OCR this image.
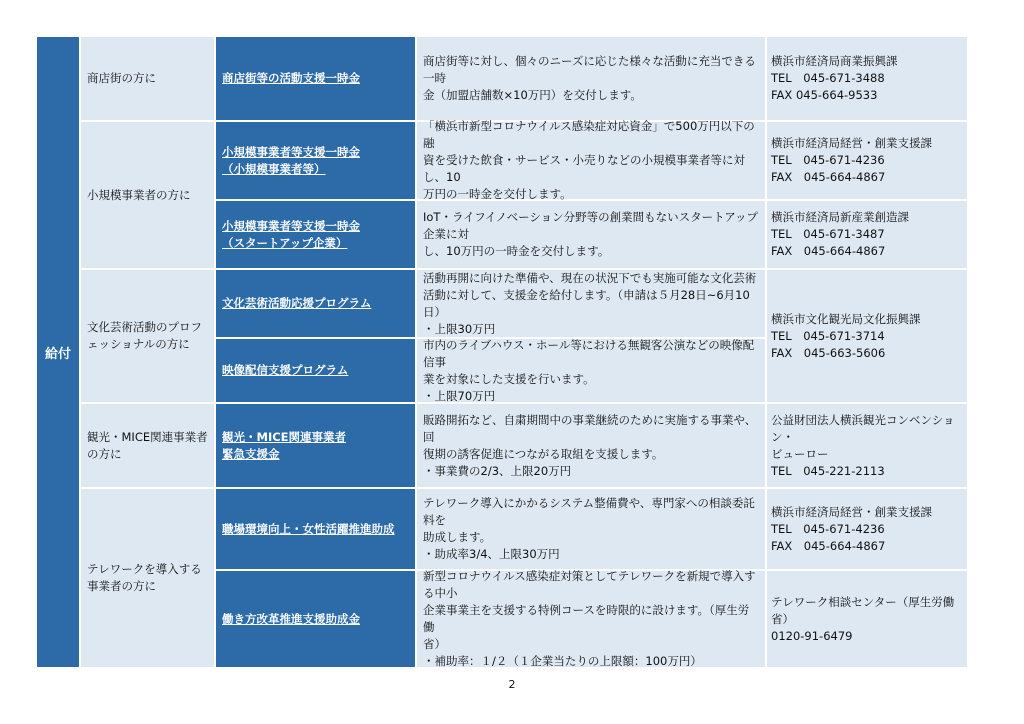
給付
商店街の方に
小規模事業者の方に
文化芸術活動のプロフェッショナルの方に
観光・MICE関連事業者の方に
テレワークを導入する事業者の方に
商店街等の活動支援一時金
小規模事業者等支援一時金
（小規模事業者等）
小規模事業者等支援一時金
（スタートアップ企業）
文化芸術活動応援プログラム
映像配信支援プログラム
観光・MICE関連事業者
緊急支援金
職場環境向上・女性活躍推進助成
働き方改革推進支援助成金
商店街等に対し、個々のニーズに応じた様々な活動に充当できる一時
金（加盟店舗数×10万円）を交付します。
「横浜市新型コロナウイルス感染症対応資金」で500万円以下の融
資を受けた飲食・サービス・小売りなどの小規模事業者等に対し、10
万円の一時金を交付します。
IoT・ライフイノベーション分野等の創業間もないスタートアップ企業に対
し、10万円の一時金を交付します。
活動再開に向けた準備や、現在の状況下でも実施可能な文化芸術
活動に対して、支援金を給付します。（申請は５月28日~6月10
日）
・上限30万円
市内のライブハウス・ホール等における無観客公演などの映像配信事
業を対象にした支援を行います。
・上限70万円
販路開拓など、自粛期間中の事業継続のために実施する事業や、回
復期の誘客促進につながる取組を支援します。
・事業費の2/3、上限20万円
テレワーク導入にかかるシステム整備費や、専門家への相談委託料を
助成します。
・助成率3/4、上限30万円
新型コロナウイルス感染症対策としてテレワークを新規で導入する中小
企業事業主を支援する特例コースを時限的に設けます。（厚生労働
省）
・補助率：１/２（１企業当たりの上限額：100万円）
横浜市経済局商業振興課
TEL　045-671-3488
FAX 045-664-9533
横浜市経済局経営・創業支援課
TEL　045-671-4236
FAX　045-664-4867
横浜市経済局新産業創造課
TEL　045-671-3487
FAX　045-664-4867
横浜市文化観光局文化振興課
TEL　045-671-3714
FAX　045-663-5606
公益財団法人横浜観光コンベンション・
ビューロー
TEL　045-221-2113
横浜市経済局経営・創業支援課
TEL　045-671-4236
FAX　045-664-4867
テレワーク相談センター（厚生労働省）
0120-91-6479
2
